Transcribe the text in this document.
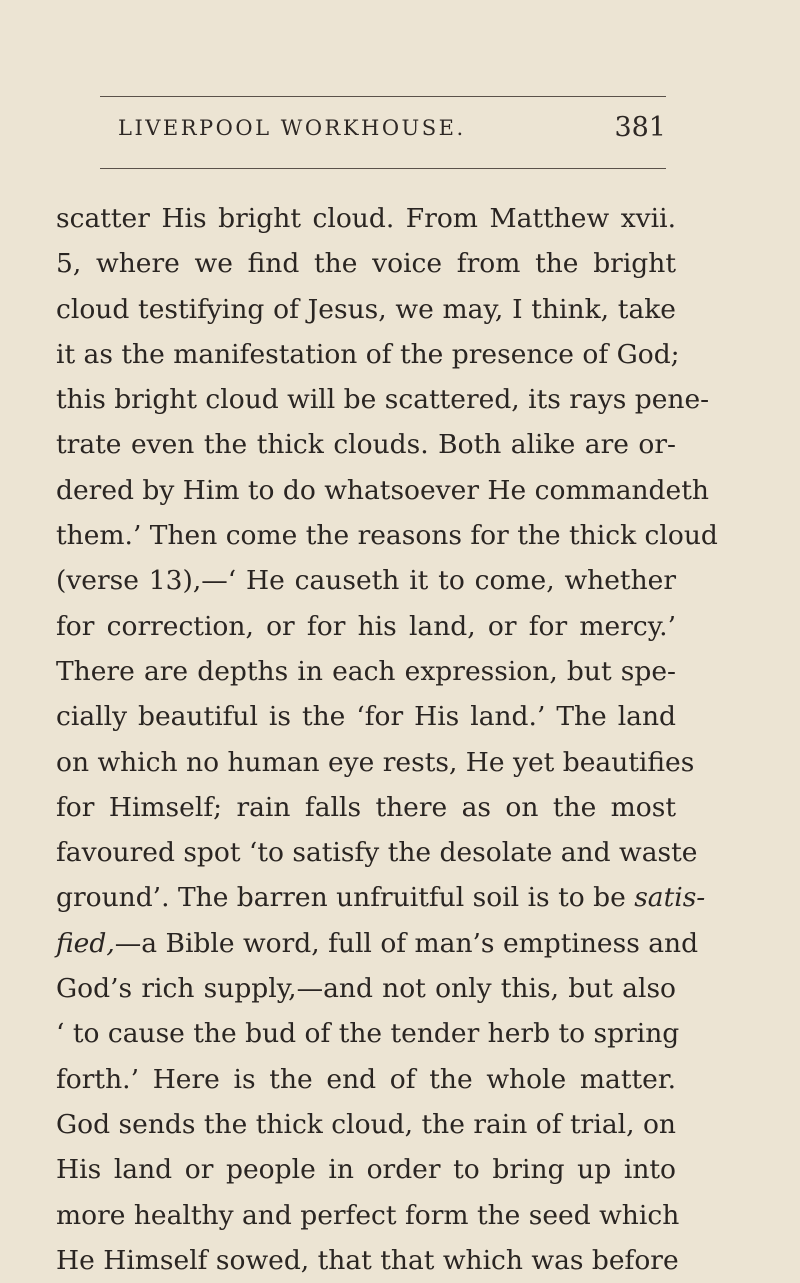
LIVERPOOL WORKHOUSE.	381
scatter His bright cloud. From Matthew xvii.
5, where we find the voice from the bright
cloud testifying of Jesus, we may, I think, take
it as the manifestation of the presence of God;
this bright cloud will be scattered, its rays pene-
trate even the thick clouds. Both alike are or-
dered by Him to do whatsoever He commandeth
them.’ Then come the reasons for the thick cloud
(verse 13),—‘ He causeth it to come, whether
for correction, or for his land, or for mercy.’
There are depths in each expression, but spe-
cially beautiful is the ‘for His land.’ The land
on which no human eye rests, He yet beautifies
for Himself; rain falls there as on the most
favoured spot ‘to satisfy the desolate and waste
ground’. The barren unfruitful soil is to be satis-
fied,—a Bible word, full of man’s emptiness and
God’s rich supply,—and not only this, but also
‘ to cause the bud of the tender herb to spring
forth.’ Here is the end of the whole matter.
God sends the thick cloud, the rain of trial, on
His land or people in order to bring up into
more healthy and perfect form the seed which
He Himself sowed, that that which was before
